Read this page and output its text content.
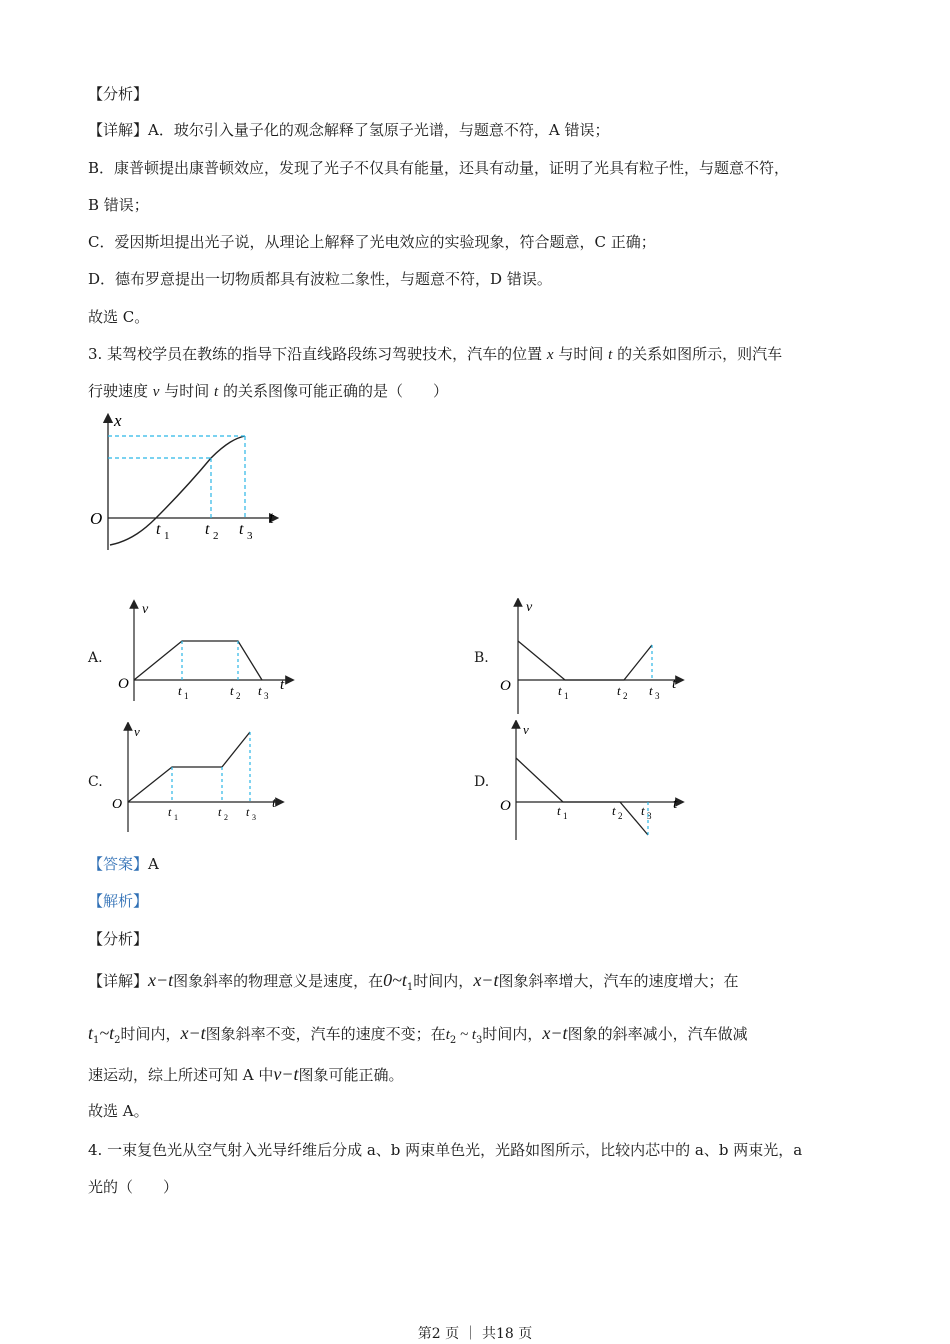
【分析】
【详解】A．玻尔引入量子化的观念解释了氢原子光谱，与题意不符，A 错误；
B．康普顿提出康普顿效应，发现了光子不仅具有能量，还具有动量，证明了光具有粒子性，与题意不符，
B 错误；
C．爱因斯坦提出光子说，从理论上解释了光电效应的实验现象，符合题意，C 正确；
D．德布罗意提出一切物质都具有波粒二象性，与题意不符，D 错误。
故选 C。
3. 某驾校学员在教练的指导下沿直线路段练习驾驶技术，汽车的位置 x 与时间 t 的关系如图所示，则汽车
行驶速度 v 与时间 t 的关系图像可能正确的是（　　）
x
O	t
t 1 t 2 t 3
A.
v
O	t
t 1	t 2 t 3
B.
v
O	t
t 1	t 2 t 3
C.
v
O	t
t 1	t 2 t 3
D.
v
O	t
t 1	t 2 t 3
【答案】A
【解析】
【分析】
【详解】x−t图象斜率的物理意义是速度，在$0\sim t_1$时间内，x−t图象斜率增大，汽车的速度增大；在
$t_1\sim t_2$时间内，x−t图象斜率不变，汽车的速度不变；在$t_2$ ~ $t_3$时间内，x−t图象的斜率减小，汽车做减
速运动，综上所述可知 A 中v−t图象可能正确。
故选 A。
4. 一束复色光从空气射入光导纤维后分成 a、b 两束单色光，光路如图所示，比较内芯中的 a、b 两束光，a
光的（　　）
第2 页 ｜ 共18 页
